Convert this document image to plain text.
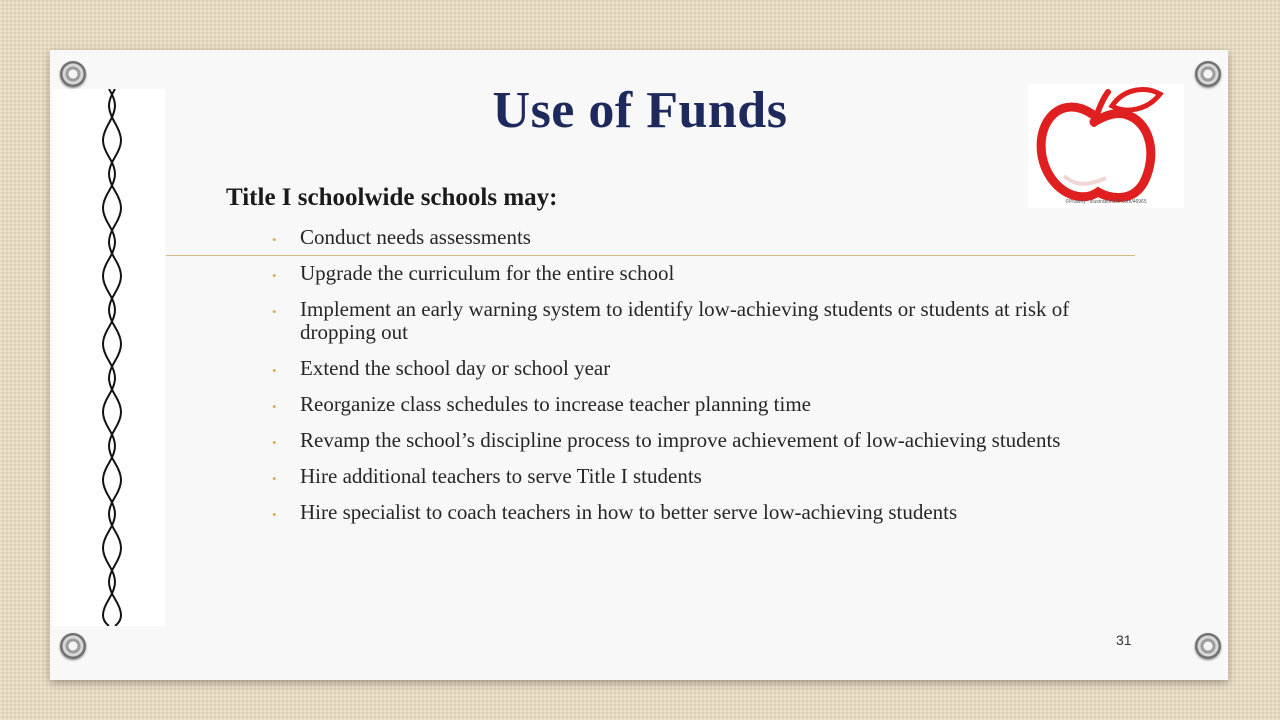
Use of Funds
©Prawny · illustrationsOf.com/46965
Title I schoolwide schools may:
• Conduct needs assessments
• Upgrade the curriculum for the entire school
• Implement an early warning system to identify low-achieving students or students at risk of dropping out
• Extend the school day or school year
• Reorganize class schedules to increase teacher planning time
• Revamp the school’s discipline process to improve achievement of low-achieving students
• Hire additional teachers to serve Title I students
• Hire specialist to coach teachers in how to better serve low-achieving students
31
